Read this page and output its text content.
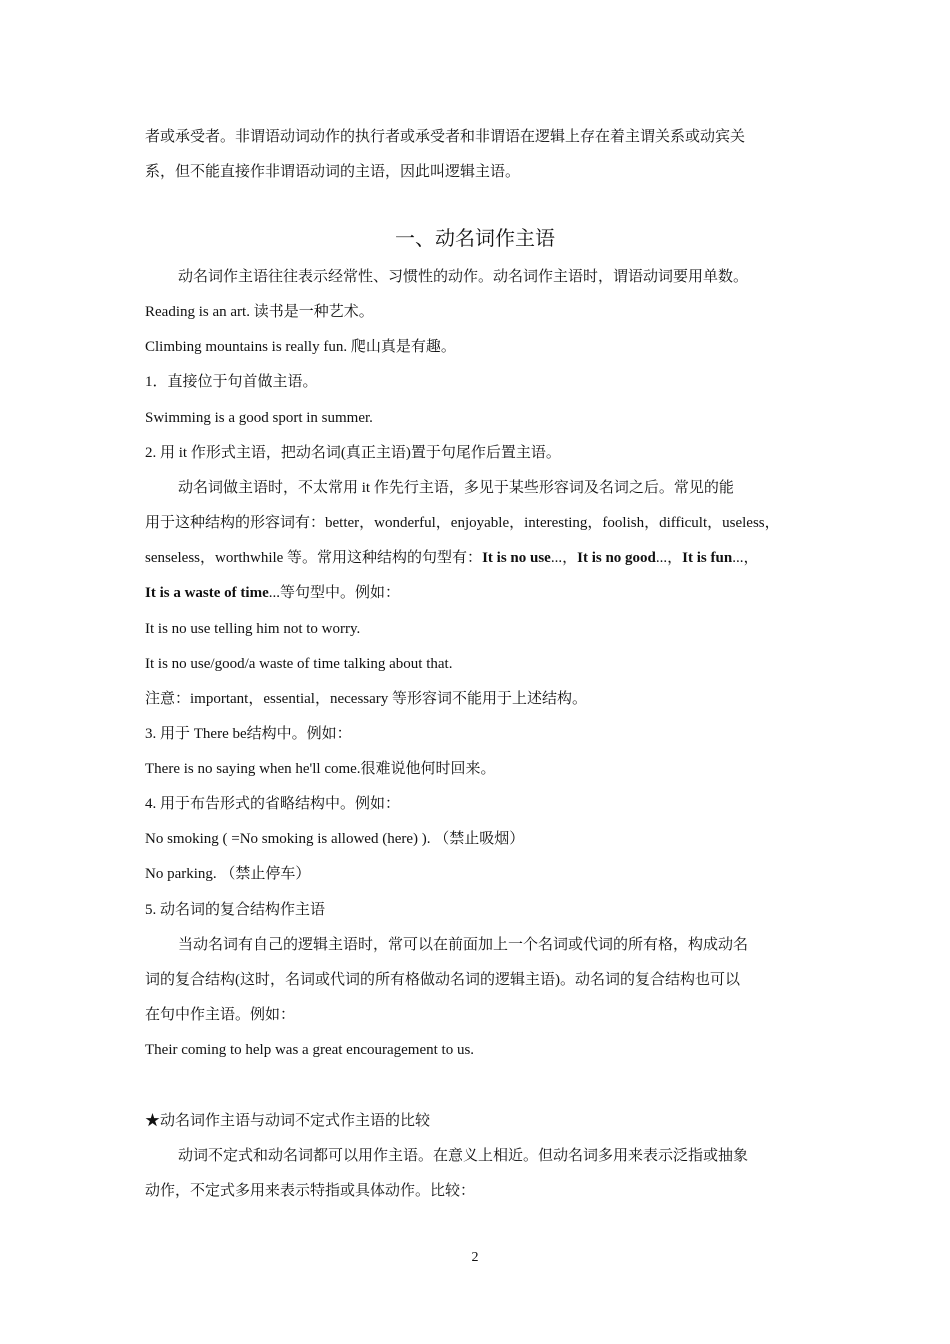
者或承受者。非谓语动词动作的执行者或承受者和非谓语在逻辑上存在着主谓关系或动宾关
系，但不能直接作非谓语动词的主语，因此叫逻辑主语。
一、动名词作主语
动名词作主语往往表示经常性、习惯性的动作。动名词作主语时，谓语动词要用单数。
Reading is an art. 读书是一种艺术。
Climbing mountains is really fun. 爬山真是有趣。
1．直接位于句首做主语。
Swimming is a good sport in summer.
2. 用 it 作形式主语，把动名词(真正主语)置于句尾作后置主语。
动名词做主语时，不太常用 it 作先行主语，多见于某些形容词及名词之后。常见的能
用于这种结构的形容词有：better，wonderful，enjoyable，interesting，foolish，difficult，useless，
senseless，worthwhile 等。常用这种结构的句型有：It is no use...，It is no good...，It is fun...，
It is a waste of time...等句型中。例如：
It is no use telling him not to worry.
It is no use/good/a waste of time talking about that.
注意：important，essential，necessary 等形容词不能用于上述结构。
3. 用于 There be结构中。例如：
There is no saying when he'll come.很难说他何时回来。
4. 用于布告形式的省略结构中。例如：
No smoking ( =No smoking is allowed (here) ). （禁止吸烟）
No parking. （禁止停车）
5. 动名词的复合结构作主语
当动名词有自己的逻辑主语时，常可以在前面加上一个名词或代词的所有格，构成动名
词的复合结构(这时，名词或代词的所有格做动名词的逻辑主语)。动名词的复合结构也可以
在句中作主语。例如：
Their coming to help was a great encouragement to us.
★动名词作主语与动词不定式作主语的比较
动词不定式和动名词都可以用作主语。在意义上相近。但动名词多用来表示泛指或抽象
动作，不定式多用来表示特指或具体动作。比较：
2
